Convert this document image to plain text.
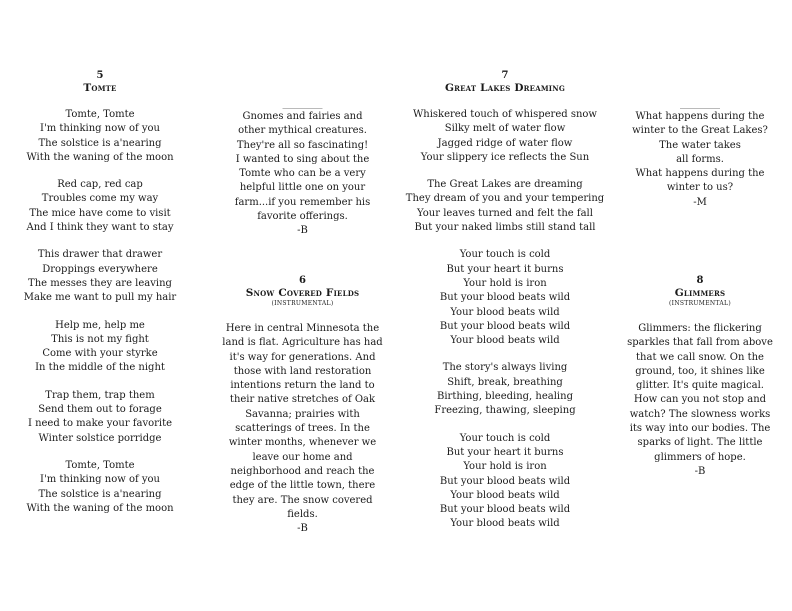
5
Tomte
Tomte, Tomte
I'm thinking now of you
The solstice is a'nearing
With the waning of the moon
Red cap, red cap
Troubles come my way
The mice have come to visit
And I think they want to stay
This drawer that drawer
Droppings everywhere
The messes they are leaving
Make me want to pull my hair
Help me, help me
This is not my fight
Come with your styrke
In the middle of the night
Trap them, trap them
Send them out to forage
I need to make your favorite
Winter solstice porridge
Tomte, Tomte
I'm thinking now of you
The solstice is a'nearing
With the waning of the moon
________
Gnomes and fairies and
other mythical creatures.
They're all so fascinating!
I wanted to sing about the
Tomte who can be a very
helpful little one on your
farm...if you remember his
favorite offerings.
-B
6
Snow Covered Fields
(INSTRUMENTAL)
Here in central Minnesota the
land is flat. Agriculture has had
it's way for generations. And
those with land restoration
intentions return the land to
their native stretches of Oak
Savanna; prairies with
scatterings of trees. In the
winter months, whenever we
leave our home and
neighborhood and reach the
edge of the little town, there
they are. The snow covered
fields.
-B
7
Great Lakes Dreaming
Whiskered touch of whispered snow
Silky melt of water flow
Jagged ridge of water flow
Your slippery ice reflects the Sun
The Great Lakes are dreaming
They dream of you and your tempering
Your leaves turned and felt the fall
But your naked limbs still stand tall
Your touch is cold
But your heart it burns
Your hold is iron
But your blood beats wild
Your blood beats wild
But your blood beats wild
Your blood beats wild
The story's always living
Shift, break, breathing
Birthing, bleeding, healing
Freezing, thawing, sleeping
Your touch is cold
But your heart it burns
Your hold is iron
But your blood beats wild
Your blood beats wild
But your blood beats wild
Your blood beats wild
________
What happens during the
winter to the Great Lakes?
The water takes
all forms.
What happens during the
winter to us?
-M
8
Glimmers
(INSTRUMENTAL)
Glimmers: the flickering
sparkles that fall from above
that we call snow. On the
ground, too, it shines like
glitter. It's quite magical.
How can you not stop and
watch? The slowness works
its way into our bodies. The
sparks of light. The little
glimmers of hope.
-B
